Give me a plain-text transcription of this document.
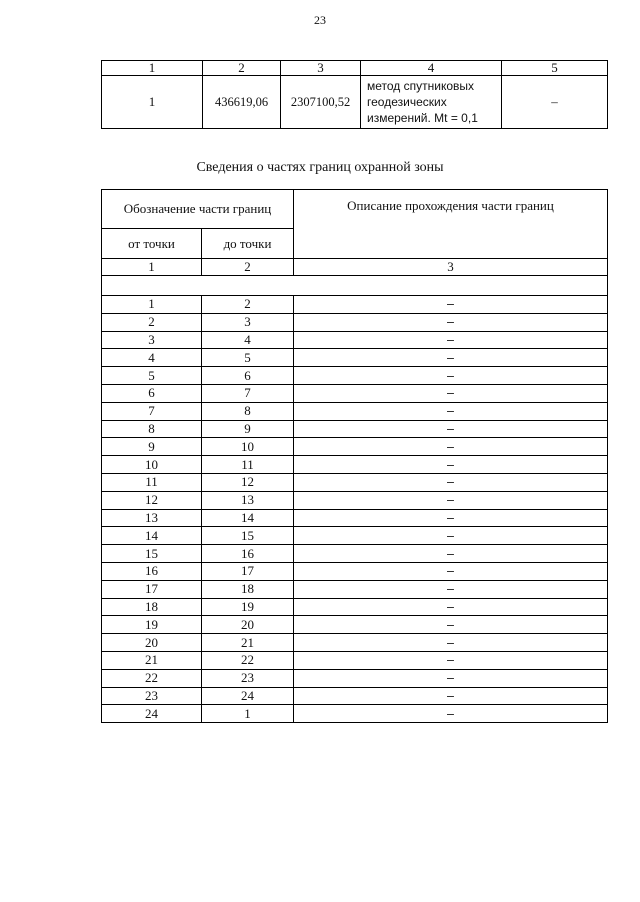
23
1	2	3	4	5
1	436619,06	2307100,52	метод спутниковых геодезических измерений. Mt = 0,1	–
Сведения о частях границ охранной зоны
Обозначение части границ		Описание прохождения части границ
от точки	до точки	
1	2	3

1	2	–
2	3	–
3	4	–
4	5	–
5	6	–
6	7	–
7	8	–
8	9	–
9	10	–
10	11	–
11	12	–
12	13	–
13	14	–
14	15	–
15	16	–
16	17	–
17	18	–
18	19	–
19	20	–
20	21	–
21	22	–
22	23	–
23	24	–
24	1	–
